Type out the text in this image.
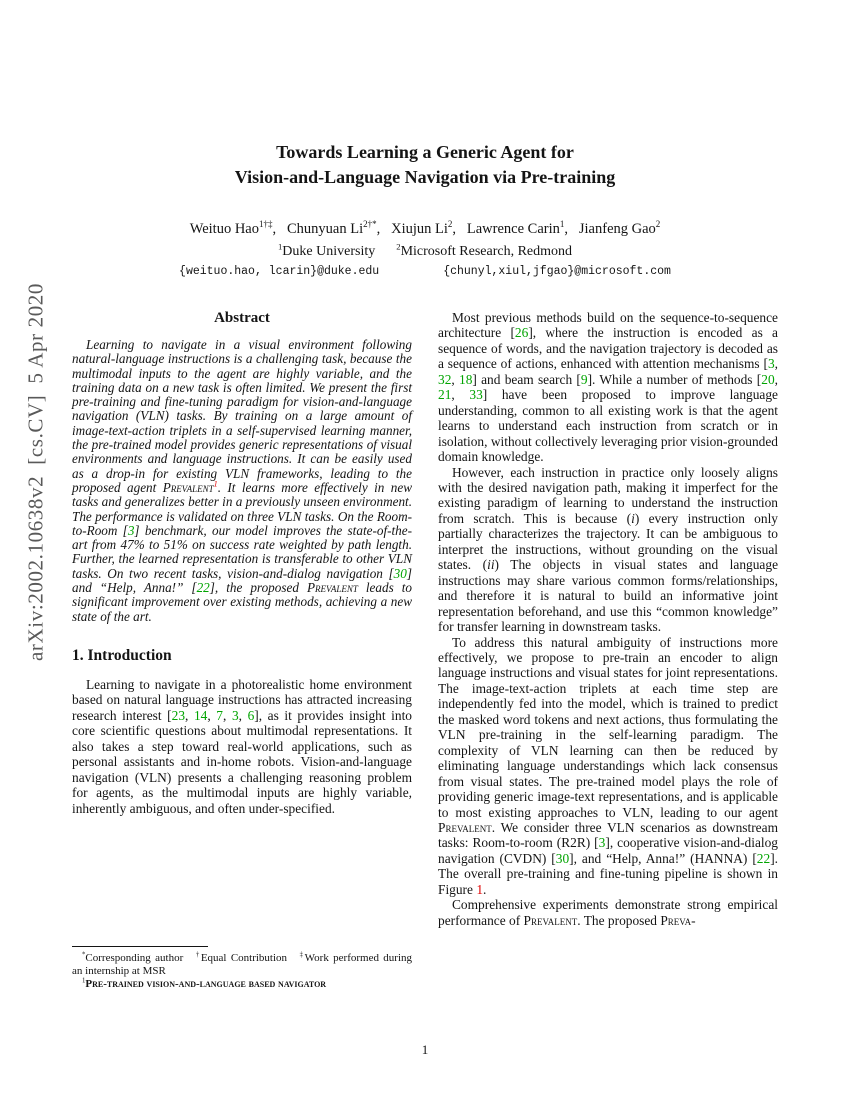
arXiv:2002.10638v2 [cs.CV] 5 Apr 2020
Towards Learning a Generic Agent for
Vision-and-Language Navigation via Pre-training
Weituo Hao$^{1\dagger\ddagger}$,  Chunyuan $Li^{2\dagger*}$,  Xiujun Li$^2$,  Lawrence Carin$^1$,  Jianfeng Gao$^2$
$^1$Duke University  $^2$Microsoft Research, Redmond
{weituo.hao, lcarin}@duke.edu	{chunyl,xiul,jfgao}@microsoft.com
Abstract

Learning to navigate in a visual environment following natural-language instructions is a challenging task, because the multimodal inputs to the agent are highly variable, and the training data on a new task is often limited. We present the first pre-training and fine-tuning paradigm for vision-and-language navigation (VLN) tasks. By training on a large amount of image-text-action triplets in a self-supervised learning manner, the pre-trained model provides generic representations of visual environments and language instructions. It can be easily used as a drop-in for existing VLN frameworks, leading to the proposed agent Prevalent$^1$. It learns more effectively in new tasks and generalizes better in a previously unseen environment. The performance is validated on three VLN tasks. On the Room-to-Room [3] benchmark, our model improves the state-of-the-art from 47% to 51% on success rate weighted by path length. Further, the learned representation is transferable to other VLN tasks. On two recent tasks, vision-and-dialog navigation [30] and “Help, Anna!” [22], the proposed Prevalent leads to significant improvement over existing methods, achieving a new state of the art.

1. Introduction

Learning to navigate in a photorealistic home environment based on natural language instructions has attracted increasing research interest [23, 14, 7, 3, 6], as it provides insight into core scientific questions about multimodal representations. It also takes a step toward real-world applications, such as personal assistants and in-home robots. Vision-and-language navigation (VLN) presents a challenging reasoning problem for agents, as the multimodal inputs are highly variable, inherently ambiguous, and often under-specified.

Most previous methods build on the sequence-to-sequence architecture [26], where the instruction is encoded as a sequence of words, and the navigation trajectory is decoded as a sequence of actions, enhanced with attention mechanisms [3, 32, 18] and beam search [9]. While a number of methods [20, 21, 33] have been proposed to improve language understanding, common to all existing work is that the agent learns to understand each instruction from scratch or in isolation, without collectively leveraging prior vision-grounded domain knowledge.

However, each instruction in practice only loosely aligns with the desired navigation path, making it imperfect for the existing paradigm of learning to understand the instruction from scratch. This is because (i) every instruction only partially characterizes the trajectory. It can be ambiguous to interpret the instructions, without grounding on the visual states. (ii) The objects in visual states and language instructions may share various common forms/relationships, and therefore it is natural to build an informative joint representation beforehand, and use this “common knowledge” for transfer learning in downstream tasks.

To address this natural ambiguity of instructions more effectively, we propose to pre-train an encoder to align language instructions and visual states for joint representations. The image-text-action triplets at each time step are independently fed into the model, which is trained to predict the masked word tokens and next actions, thus formulating the VLN pre-training in the self-learning paradigm. The complexity of VLN learning can then be reduced by eliminating language understandings which lack consensus from visual states. The pre-trained model plays the role of providing generic image-text representations, and is applicable to most existing approaches to VLN, leading to our agent Prevalent. We consider three VLN scenarios as downstream tasks: Room-to-room (R2R) [3], cooperative vision-and-dialog navigation (CVDN) [30], and “Help, Anna!” (HANNA) [22]. The overall pre-training and fine-tuning pipeline is shown in Figure 1.

Comprehensive experiments demonstrate strong empirical performance of Prevalent. The proposed Preva-

*Corresponding author †Equal Contribution ‡Work performed during an internship at MSR
$^1$Pre-trained vision-and-language based navigator
1
